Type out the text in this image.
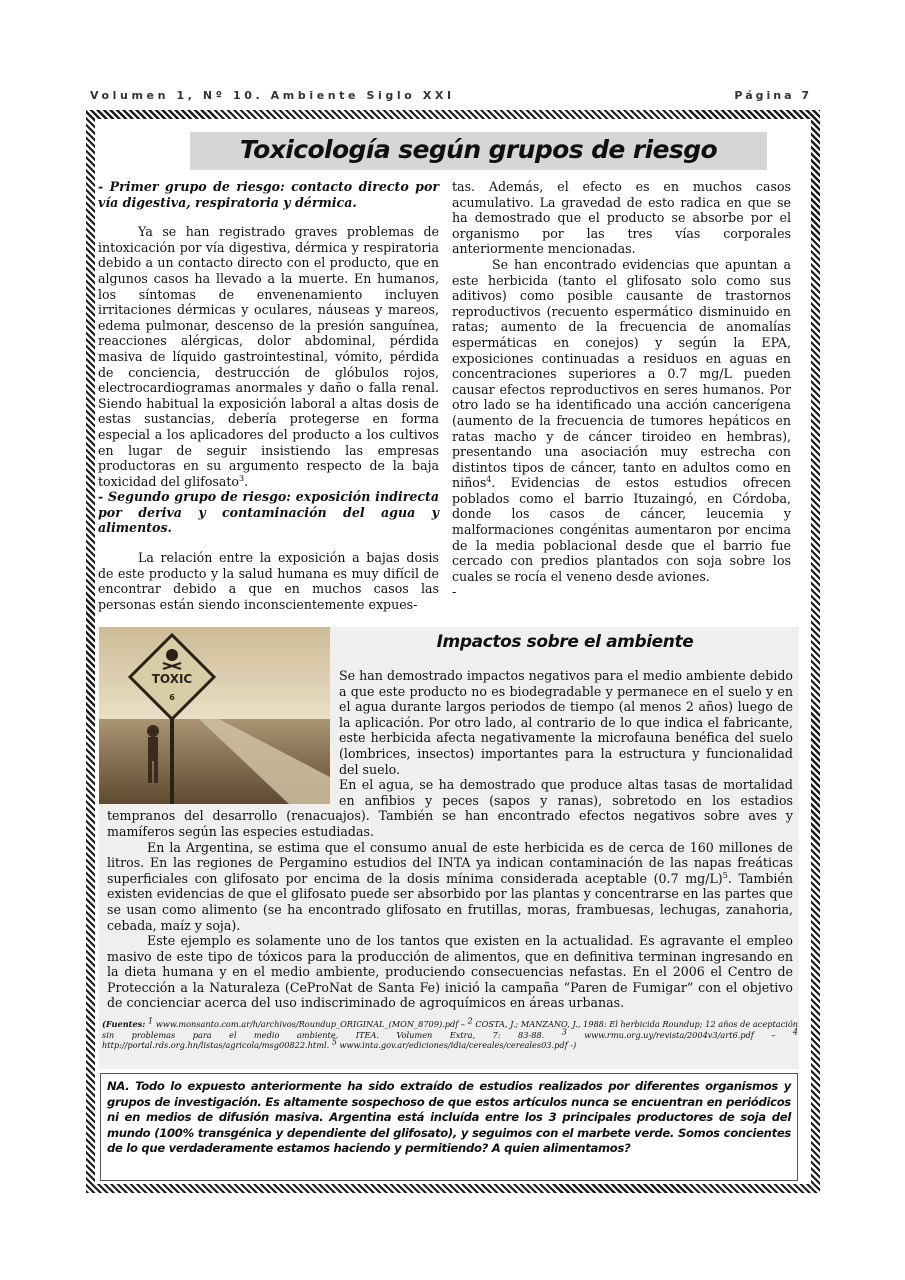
Volumen 1, Nº 10. Ambiente Siglo XXI	Página 7
Toxicología según grupos de riesgo

- Primer grupo de riesgo: contacto directo por vía digestiva, respiratoria y dérmica.

Ya se han registrado graves problemas de intoxicación por vía digestiva, dérmica y respiratoria debido a un contacto directo con el producto, que en algunos casos ha llevado a la muerte. En humanos, los síntomas de envenenamiento incluyen irritaciones dérmicas y oculares, náuseas y mareos, edema pulmonar, descenso de la presión sanguínea, reacciones alérgicas, dolor abdominal, pérdida masiva de líquido gastrointestinal, vómito, pérdida de conciencia, destrucción de glóbulos rojos, electrocardiogramas anormales y daño o falla renal. Siendo habitual la exposición laboral a altas dosis de estas sustancias, debería protegerse en forma especial a los aplicadores del producto a los cultivos en lugar de seguir insistiendo las empresas productoras en su argumento respecto de la baja toxicidad del glifosato$^3$.

- Segundo grupo de riesgo: exposición indirecta por deriva y contaminación del agua y alimentos.

La relación entre la exposición a bajas dosis de este producto y la salud humana es muy difícil de encontrar debido a que en muchos casos las personas están siendo inconscientemente expues-

tas. Además, el efecto es en muchos casos acumulativo. La gravedad de esto radica en que se ha demostrado que el producto se absorbe por el organismo por las tres vías corporales anteriormente mencionadas.

Se han encontrado evidencias que apuntan a este herbicida (tanto el glifosato solo como sus aditivos) como posible causante de trastornos reproductivos (recuento espermático disminuido en ratas; aumento de la frecuencia de anomalías espermáticas en conejos) y según la EPA, exposiciones continuadas a residuos en aguas en concentraciones superiores a 0.7 mg/L pueden causar efectos reproductivos en seres humanos. Por otro lado se ha identificado una acción cancerígena (aumento de la frecuencia de tumores hepáticos en ratas macho y de cáncer tiroideo en hembras), presentando una asociación muy estrecha con distintos tipos de cáncer, tanto en adultos como en niños$^4$. Evidencias de estos estudios ofrecen poblados como el barrio Ituzaingó, en Córdoba, donde los casos de cáncer, leucemia y malformaciones congénitas aumentaron por encima de la media poblacional desde que el barrio fue cercado con predios plantados con soja sobre los cuales se rocía el veneno desde aviones.

-

TOXIC
6
Impactos sobre el ambiente

Se han demostrado impactos negativos para el medio ambiente debido a que este producto no es biodegradable y permanece en el suelo y en el agua durante largos periodos de tiempo (al menos 2 años) luego de la aplicación. Por otro lado, al contrario de lo que indica el fabricante, este herbicida afecta negativamente la microfauna benéfica del suelo (lombrices, insectos) importantes para la estructura y funcionalidad del suelo.

En el agua, se ha demostrado que produce altas tasas de mortalidad en anfibios y peces (sapos y ranas), sobretodo en los estadios tempranos del desarrollo (renacuajos). También se han encontrado efectos negativos sobre aves y mamíferos según las especies estudiadas.

En la Argentina, se estima que el consumo anual de este herbicida es de cerca de 160 millones de litros. En las regiones de Pergamino estudios del INTA ya indican contaminación de las napas freáticas superficiales con glifosato por encima de la dosis mínima considerada aceptable (0.7 mg/L)$^5$. También existen evidencias de que el glifosato puede ser absorbido por las plantas y concentrarse en las partes que se usan como alimento (se ha encontrado glifosato en frutillas, moras, frambuesas, lechugas, zanahoria, cebada, maíz y soja).

Este ejemplo es solamente uno de los tantos que existen en la actualidad. Es agravante el empleo masivo de este tipo de tóxicos para la producción de alimentos, que en definitiva terminan ingresando en la dieta humana y en el medio ambiente, produciendo consecuencias nefastas. En el 2006 el Centro de Protección a la Naturaleza (CeProNat de Santa Fe) inició la campaña “Paren de Fumigar” con el objetivo de concienciar acerca del uso indiscriminado de agroquímicos en áreas urbanas.

(Fuentes: $^1$ www.monsanto.com.ar/h/archivos/Roundup_ORIGINAL_(MON_8709).pdf – $^2$ COSTA, J.; MANZANO, J., 1988: El herbicida Roundup; 12 años de aceptación sin problemas para el medio ambiente. ITEA. Volumen Extra, 7: 83-88. $^3$ www.rmu.org.uy/revista/2004v3/art6.pdf – $^4$ http://portal.rds.org.hn/listas/agricola/msg00822.html. $^5$ www.inta.gov.ar/ediciones/idia/cereales/cereales03.pdf -)
NA. Todo lo expuesto anteriormente ha sido extraído de estudios realizados por diferentes organismos y grupos de investigación. Es altamente sospechoso de que estos artículos nunca se encuentran en periódicos ni en medios de difusión masiva. Argentina está incluída entre los 3 principales productores de soja del mundo (100% transgénica y dependiente del glifosato), y seguimos con el marbete verde. Somos concientes de lo que verdaderamente estamos haciendo y permitiendo? A quien alimentamos?
